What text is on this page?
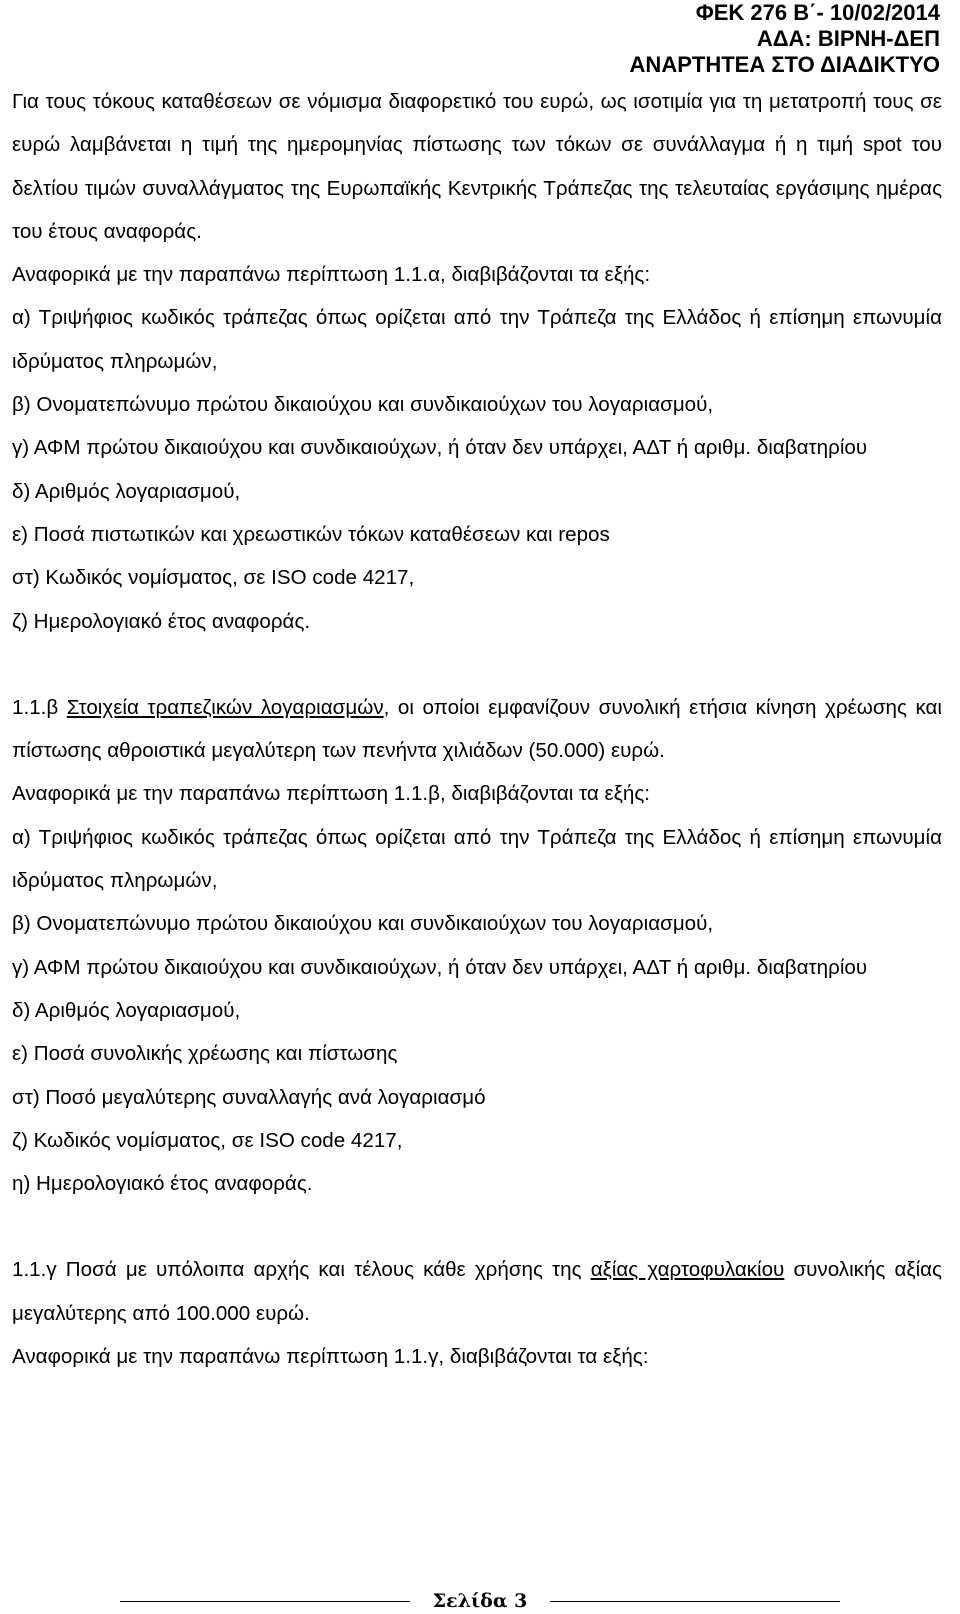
ΦΕΚ 276 Β΄- 10/02/2014
ΑΔΑ: ΒΙΡΝΗ-ΔΕΠ
ΑΝΑΡΤΗΤΕΑ ΣΤΟ ΔΙΑΔΙΚΤΥΟ

Για τους τόκους καταθέσεων σε νόμισμα διαφορετικό του ευρώ, ως ισοτιμία για τη μετατροπή τους σε ευρώ λαμβάνεται η τιμή της ημερομηνίας πίστωσης των τόκων σε συνάλλαγμα ή η τιμή spot του δελτίου τιμών συναλλάγματος της Ευρωπαϊκής Κεντρικής Τράπεζας της τελευταίας εργάσιμης ημέρας του έτους αναφοράς.

Αναφορικά με την παραπάνω περίπτωση 1.1.α, διαβιβάζονται τα εξής:

α) Τριψήφιος κωδικός τράπεζας όπως ορίζεται από την Τράπεζα της Ελλάδος ή επίσημη επωνυμία ιδρύματος πληρωμών,

β) Ονοματεπώνυμο πρώτου δικαιούχου και συνδικαιούχων του λογαριασμού,

γ) ΑΦΜ πρώτου δικαιούχου και συνδικαιούχων, ή όταν δεν υπάρχει, ΑΔΤ ή αριθμ. διαβατηρίου

δ) Αριθμός λογαριασμού,

ε) Ποσά πιστωτικών και χρεωστικών τόκων καταθέσεων και repos

στ) Κωδικός νομίσματος, σε ISO code 4217,

ζ) Ημερολογιακό έτος αναφοράς.

1.1.β Στοιχεία τραπεζικών λογαριασμών, οι οποίοι εμφανίζουν συνολική ετήσια κίνηση χρέωσης και πίστωσης αθροιστικά μεγαλύτερη των πενήντα χιλιάδων (50.000) ευρώ.

Αναφορικά με την παραπάνω περίπτωση 1.1.β, διαβιβάζονται τα εξής:

α) Τριψήφιος κωδικός τράπεζας όπως ορίζεται από την Τράπεζα της Ελλάδος ή επίσημη επωνυμία ιδρύματος πληρωμών,

β) Ονοματεπώνυμο πρώτου δικαιούχου και συνδικαιούχων του λογαριασμού,

γ) ΑΦΜ πρώτου δικαιούχου και συνδικαιούχων, ή όταν δεν υπάρχει, ΑΔΤ ή αριθμ. διαβατηρίου

δ) Αριθμός λογαριασμού,

ε) Ποσά συνολικής χρέωσης και πίστωσης

στ) Ποσό μεγαλύτερης συναλλαγής ανά λογαριασμό

ζ) Κωδικός νομίσματος, σε ISO code 4217,

η) Ημερολογιακό έτος αναφοράς.

1.1.γ Ποσά με υπόλοιπα αρχής και τέλους κάθε χρήσης της αξίας χαρτοφυλακίου συνολικής αξίας μεγαλύτερης από 100.000 ευρώ.

Αναφορικά με την παραπάνω περίπτωση 1.1.γ, διαβιβάζονται τα εξής:

Σελίδα 3
